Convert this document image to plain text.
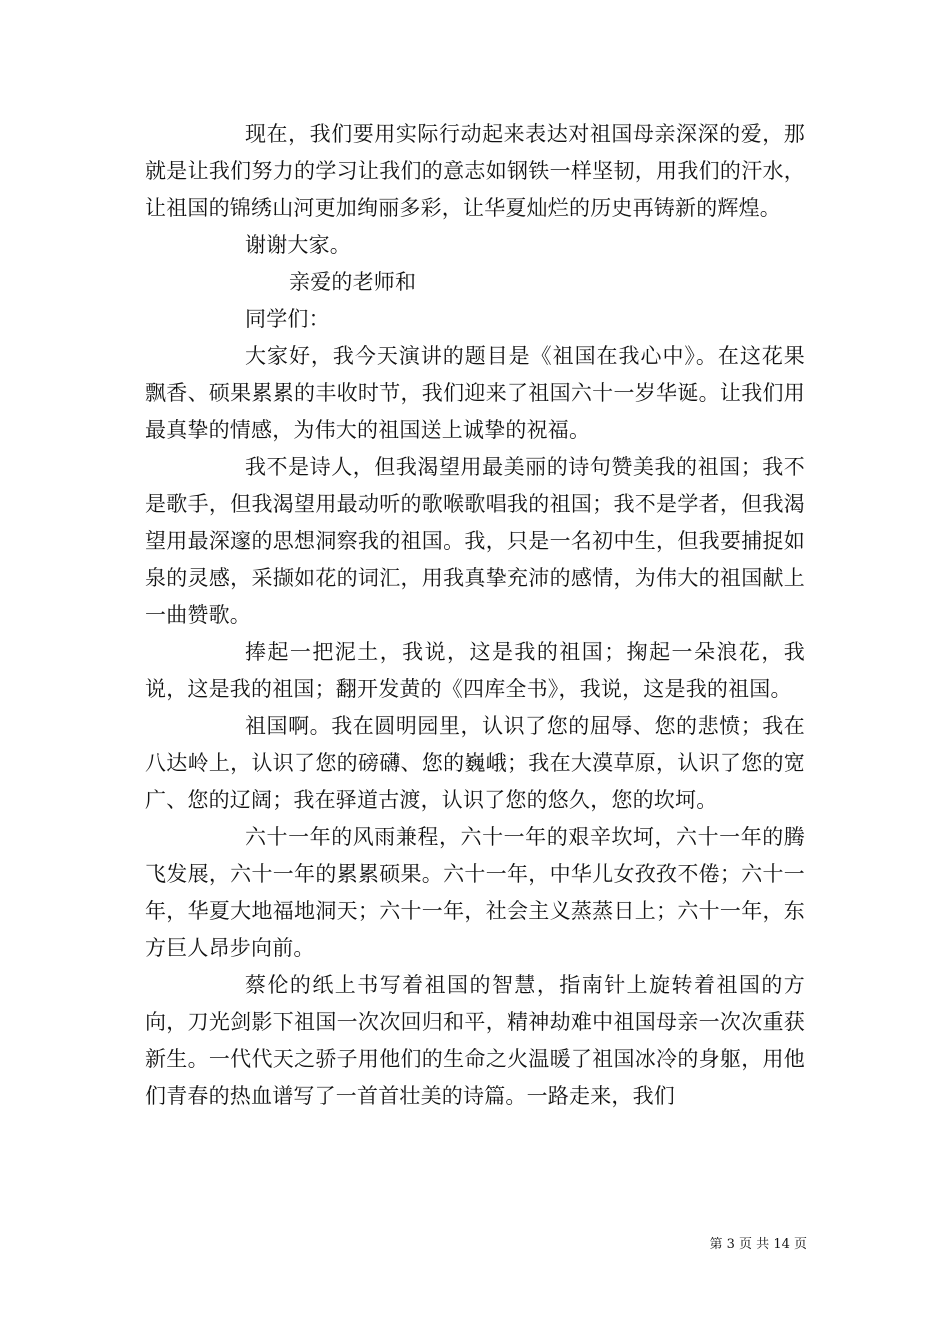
现在，我们要用实际行动起来表达对祖国母亲深深的爱，那就是让我们努力的学习让我们的意志如钢铁一样坚韧，用我们的汗水，让祖国的锦绣山河更加绚丽多彩，让华夏灿烂的历史再铸新的辉煌。

谢谢大家。

亲爱的老师和

同学们：

大家好，我今天演讲的题目是《祖国在我心中》。在这花果飘香、硕果累累的丰收时节，我们迎来了祖国六十一岁华诞。让我们用最真挚的情感，为伟大的祖国送上诚挚的祝福。

我不是诗人，但我渴望用最美丽的诗句赞美我的祖国；我不是歌手，但我渴望用最动听的歌喉歌唱我的祖国；我不是学者，但我渴望用最深邃的思想洞察我的祖国。我，只是一名初中生，但我要捕捉如泉的灵感，采撷如花的词汇，用我真挚充沛的感情，为伟大的祖国献上一曲赞歌。

捧起一把泥土，我说，这是我的祖国；掬起一朵浪花，我说，这是我的祖国；翻开发黄的《四库全书》，我说，这是我的祖国。

祖国啊。我在圆明园里，认识了您的屈辱、您的悲愤；我在八达岭上，认识了您的磅礴、您的巍峨；我在大漠草原，认识了您的宽广、您的辽阔；我在驿道古渡，认识了您的悠久，您的坎坷。

六十一年的风雨兼程，六十一年的艰辛坎坷，六十一年的腾飞发展，六十一年的累累硕果。六十一年，中华儿女孜孜不倦；六十一年，华夏大地福地洞天；六十一年，社会主义蒸蒸日上；六十一年，东方巨人昂步向前。

蔡伦的纸上书写着祖国的智慧，指南针上旋转着祖国的方向，刀光剑影下祖国一次次回归和平，精神劫难中祖国母亲一次次重获新生。一代代天之骄子用他们的生命之火温暖了祖国冰冷的身躯，用他们青春的热血谱写了一首首壮美的诗篇。一路走来，我们

第 3 页 共 14 页
